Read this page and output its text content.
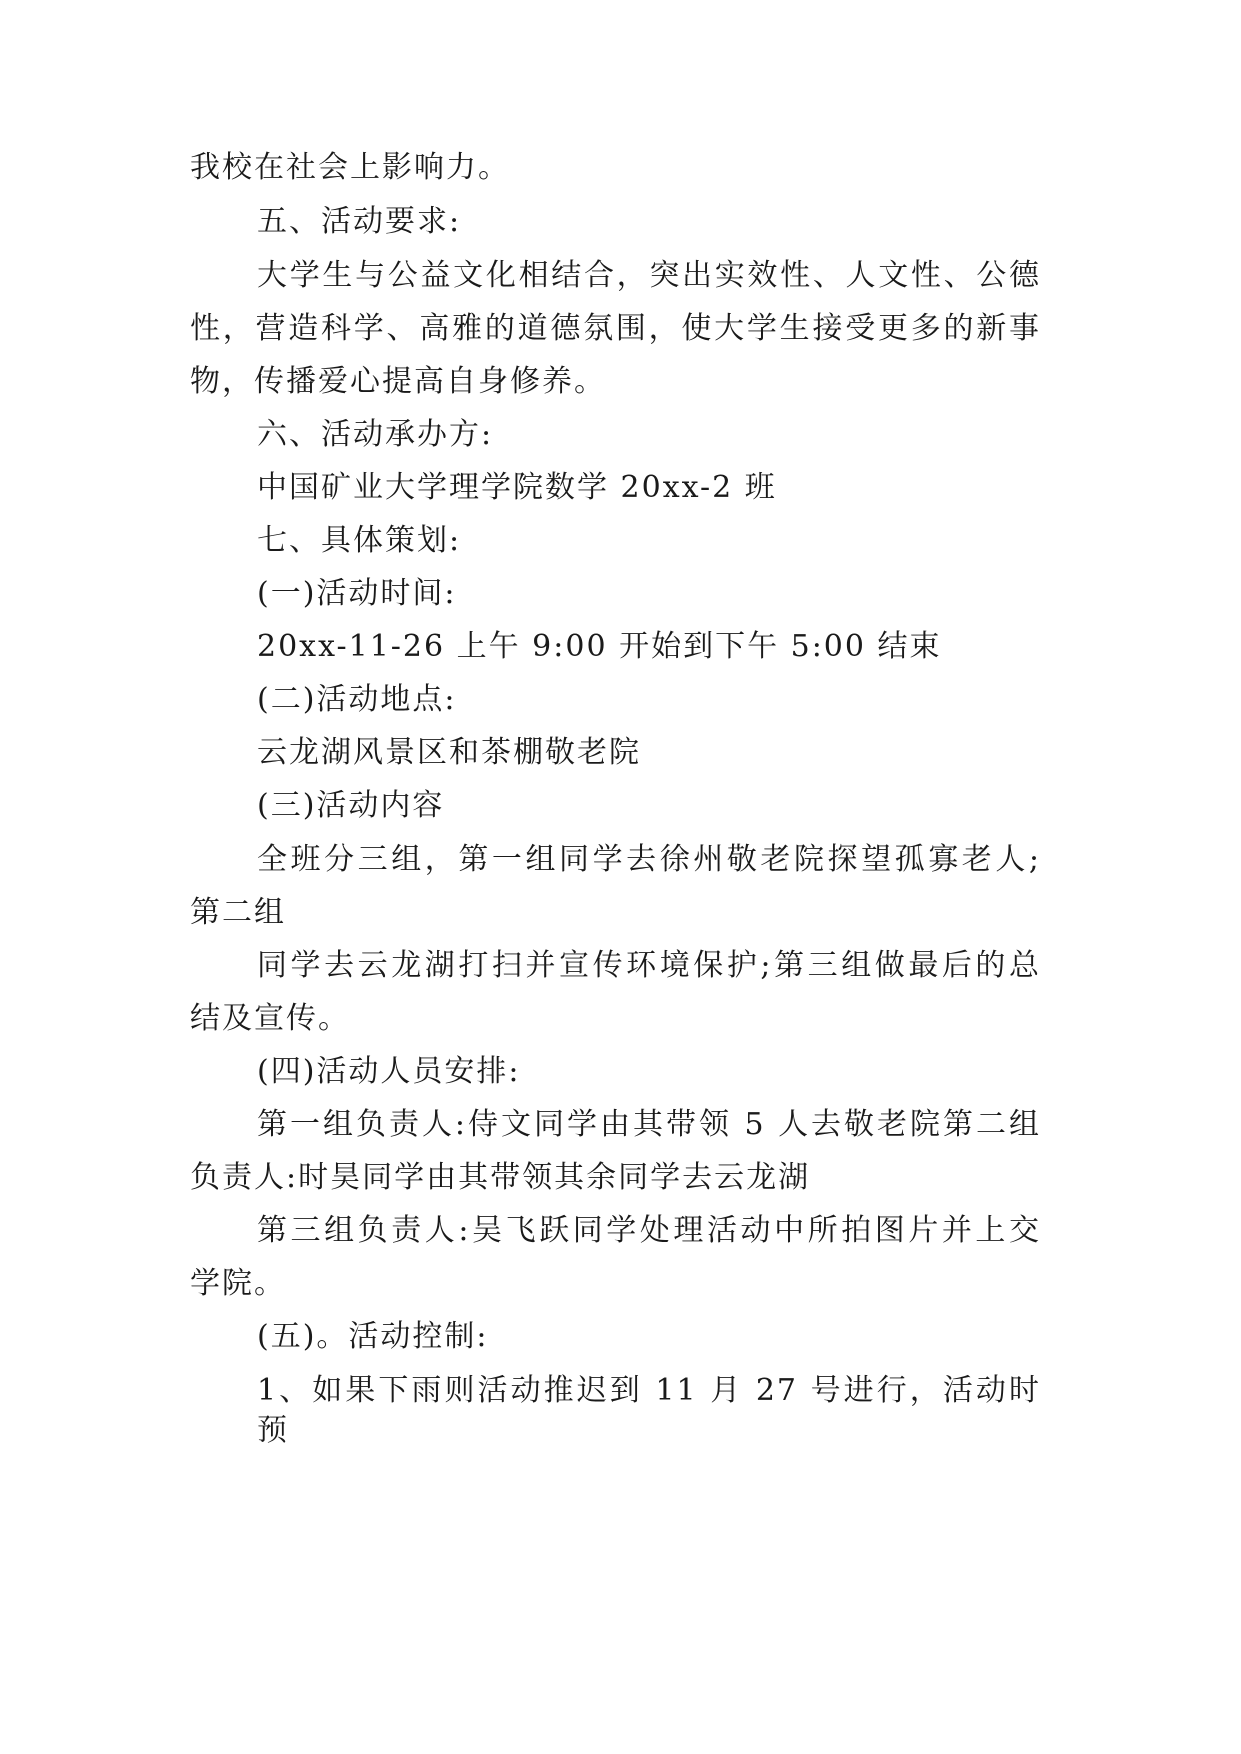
我校在社会上影响力。
五、活动要求:
大学生与公益文化相结合，突出实效性、人文性、公德
性，营造科学、高雅的道德氛围，使大学生接受更多的新事
物，传播爱心提高自身修养。
六、活动承办方:
中国矿业大学理学院数学 20xx-2 班
七、具体策划:
(一)活动时间:
20xx-11-26 上午 9:00 开始到下午 5:00 结束
(二)活动地点:
云龙湖风景区和茶棚敬老院
(三)活动内容
全班分三组，第一组同学去徐州敬老院探望孤寡老人;
第二组
同学去云龙湖打扫并宣传环境保护;第三组做最后的总
结及宣传。
(四)活动人员安排:
第一组负责人:侍文同学由其带领 5 人去敬老院第二组
负责人:时昊同学由其带领其余同学去云龙湖
第三组负责人:吴飞跃同学处理活动中所拍图片并上交
学院。
(五)。活动控制:
1、如果下雨则活动推迟到 11 月 27 号进行，活动时预
